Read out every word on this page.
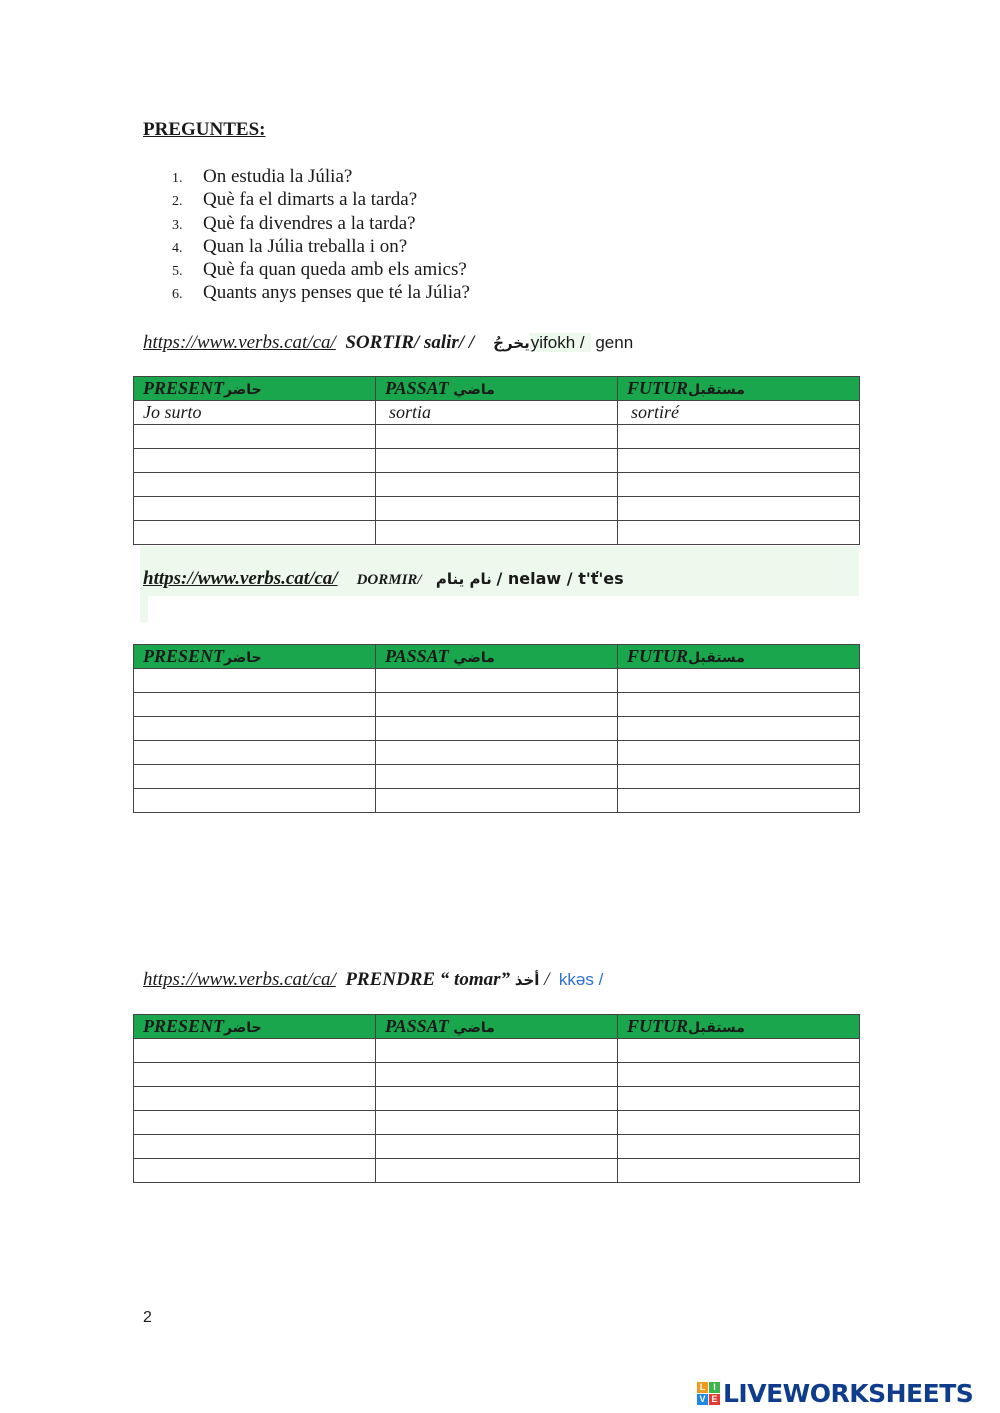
PREGUNTES:
1. On estudia la Júlia?
2. Què fa el dimarts a la tarda?
3. Què fa divendres a la tarda?
4. Quan la Júlia treballa i on?
5. Què fa quan queda amb els amics?
6. Quants anys penses que té la Júlia?
https://www.verbs.cat/ca/ SORTIR/ salir/ / يخرجُyifokh / genn
PRESENTحاضر	PASSAT ماضي	FUTURمستقبل
Jo surto	sortia	sortiré

https://www.verbs.cat/ca/ DORMIR/ نام ينام / nelaw / t'ť'es
PRESENTحاضر	PASSAT ماضي	FUTURمستقبل

https://www.verbs.cat/ca/ PRENDRE “ tomar” أخذ / kkəs /
PRESENTحاضر	PASSAT ماضي	FUTURمستقبل

2
L I
V E LIVEWORKSHEETS
